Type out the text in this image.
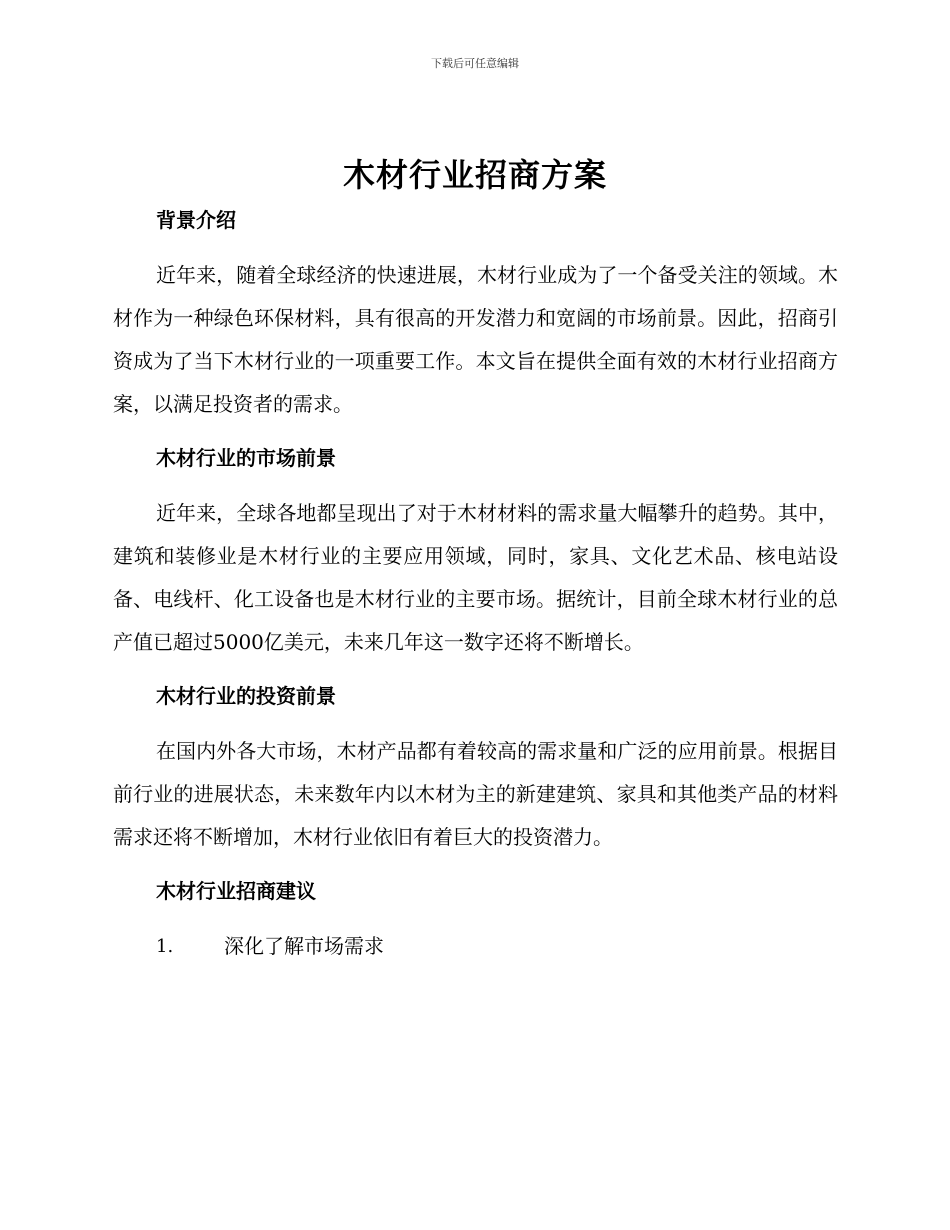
下载后可任意编辑
木材行业招商方案
背景介绍

近年来，随着全球经济的快速进展，木材行业成为了一个备受关注的领域。木材作为一种绿色环保材料，具有很高的开发潜力和宽阔的市场前景。因此，招商引资成为了当下木材行业的一项重要工作。本文旨在提供全面有效的木材行业招商方案，以满足投资者的需求。

木材行业的市场前景

近年来，全球各地都呈现出了对于木材材料的需求量大幅攀升的趋势。其中，建筑和装修业是木材行业的主要应用领域，同时，家具、文化艺术品、核电站设备、电线杆、化工设备也是木材行业的主要市场。据统计，目前全球木材行业的总产值已超过5000亿美元，未来几年这一数字还将不断增长。

木材行业的投资前景

在国内外各大市场，木材产品都有着较高的需求量和广泛的应用前景。根据目前行业的进展状态，未来数年内以木材为主的新建建筑、家具和其他类产品的材料需求还将不断增加，木材行业依旧有着巨大的投资潜力。

木材行业招商建议
1.	深化了解市场需求
